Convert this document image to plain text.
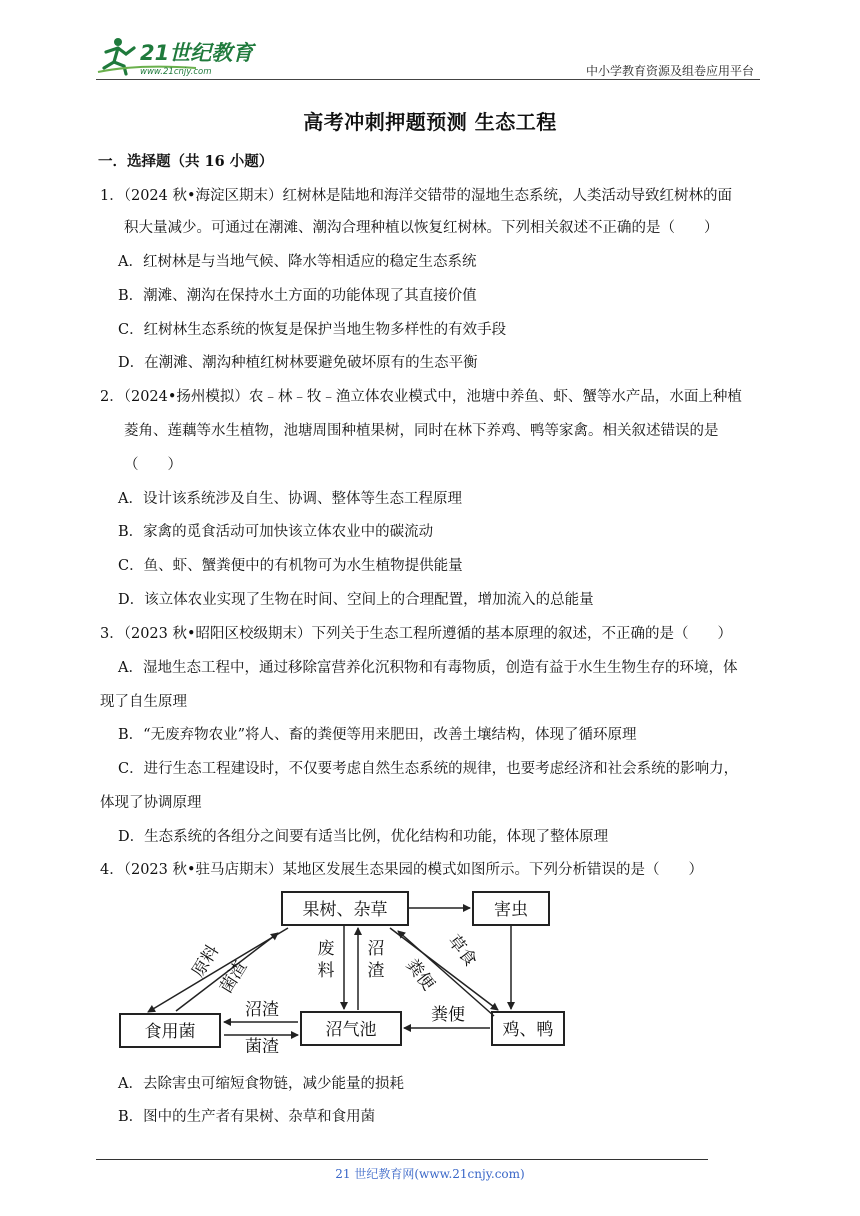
21世纪教育
www.21cnjy.com	中小学教育资源及组卷应用平台
高考冲刺押题预测 生态工程
一．选择题（共 16 小题）
1．（2024 秋•海淀区期末）红树林是陆地和海洋交错带的湿地生态系统，人类活动导致红树林的面
积大量减少。可通过在潮滩、潮沟合理种植以恢复红树林。下列相关叙述不正确的是（　　）
A．红树林是与当地气候、降水等相适应的稳定生态系统
B．潮滩、潮沟在保持水土方面的功能体现了其直接价值
C．红树林生态系统的恢复是保护当地生物多样性的有效手段
D．在潮滩、潮沟种植红树林要避免破坏原有的生态平衡
2．（2024•扬州模拟）农﹣林﹣牧﹣渔立体农业模式中，池塘中养鱼、虾、蟹等水产品，水面上种植
菱角、莲藕等水生植物，池塘周围种植果树，同时在林下养鸡、鸭等家禽。相关叙述错误的是
（　　）
A．设计该系统涉及自生、协调、整体等生态工程原理
B．家禽的觅食活动可加快该立体农业中的碳流动
C．鱼、虾、蟹粪便中的有机物可为水生植物提供能量
D．该立体农业实现了生物在时间、空间上的合理配置，增加流入的总能量
3．（2023 秋•昭阳区校级期末）下列关于生态工程所遵循的基本原理的叙述，不正确的是（　　）
A．湿地生态工程中，通过移除富营养化沉积物和有毒物质，创造有益于水生生物生存的环境，体
现了自生原理
B．“无废弃物农业”将人、畜的粪便等用来肥田，改善土壤结构，体现了循环原理
C．进行生态工程建设时，不仅要考虑自然生态系统的规律，也要考虑经济和社会系统的影响力，
体现了协调原理
D．生态系统的各组分之间要有适当比例，优化结构和功能，体现了整体原理
4．（2023 秋•驻马店期末）某地区发展生态果园的模式如图所示。下列分析错误的是（　　）
果树、杂草	害虫
食用菌	沼气池	鸡、鸭
原料
菌渣
废
料
沼
渣 粪便
草食
沼渣
菌渣
粪便
A．去除害虫可缩短食物链，减少能量的损耗
B．图中的生产者有果树、杂草和食用菌
21 世纪教育网(www.21cnjy.com)
